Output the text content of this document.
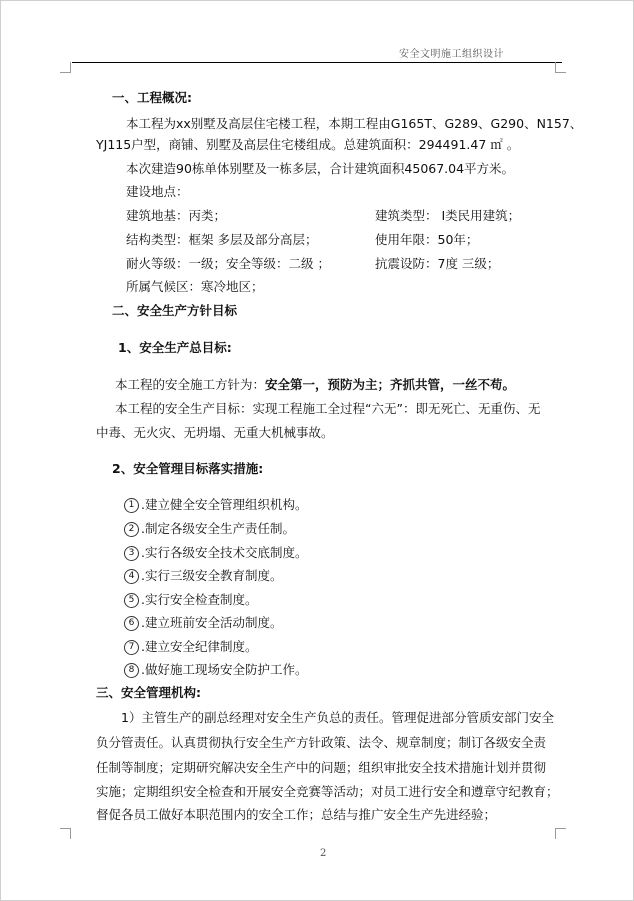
安全文明施工组织设计
一、工程概况:
本工程为xx别墅及高层住宅楼工程，本期工程由G165T、G289、G290、N157、
YJ115户型，商铺、别墅及高层住宅楼组成。总建筑面积：294491.47 ㎡ 。
本次建造90栋单体别墅及一栋多层，合计建筑面积45067.04平方米。
建设地点：
建筑地基：丙类；	建筑类型： I类民用建筑；
结构类型：框架 多层及部分高层；	使用年限：50年；
耐火等级：一级；安全等级：二级 ；	抗震设防：7度 三级；
所属气候区：寒冷地区；
二、安全生产方针目标
1、安全生产总目标:
本工程的安全施工方针为：安全第一，预防为主；齐抓共管，一丝不苟。
本工程的安全生产目标：实现工程施工全过程“六无”：即无死亡、无重伤、无
中毒、无火灾、无坍塌、无重大机械事故。
2、安全管理目标落实措施:
1 .建立健全安全管理组织机构。
2 .制定各级安全生产责任制。
3 .实行各级安全技术交底制度。
4 .实行三级安全教育制度。
5 .实行安全检查制度。
6 .建立班前安全活动制度。
7 .建立安全纪律制度。
8 .做好施工现场安全防护工作。
三、安全管理机构:
1）主管生产的副总经理对安全生产负总的责任。管理促进部分管质安部门安全
负分管责任。认真贯彻执行安全生产方针政策、法令、规章制度；制订各级安全责
任制等制度；定期研究解决安全生产中的问题；组织审批安全技术措施计划并贯彻
实施；定期组织安全检查和开展安全竞赛等活动；对员工进行安全和遵章守纪教育；
督促各员工做好本职范围内的安全工作；总结与推广安全生产先进经验；
2
